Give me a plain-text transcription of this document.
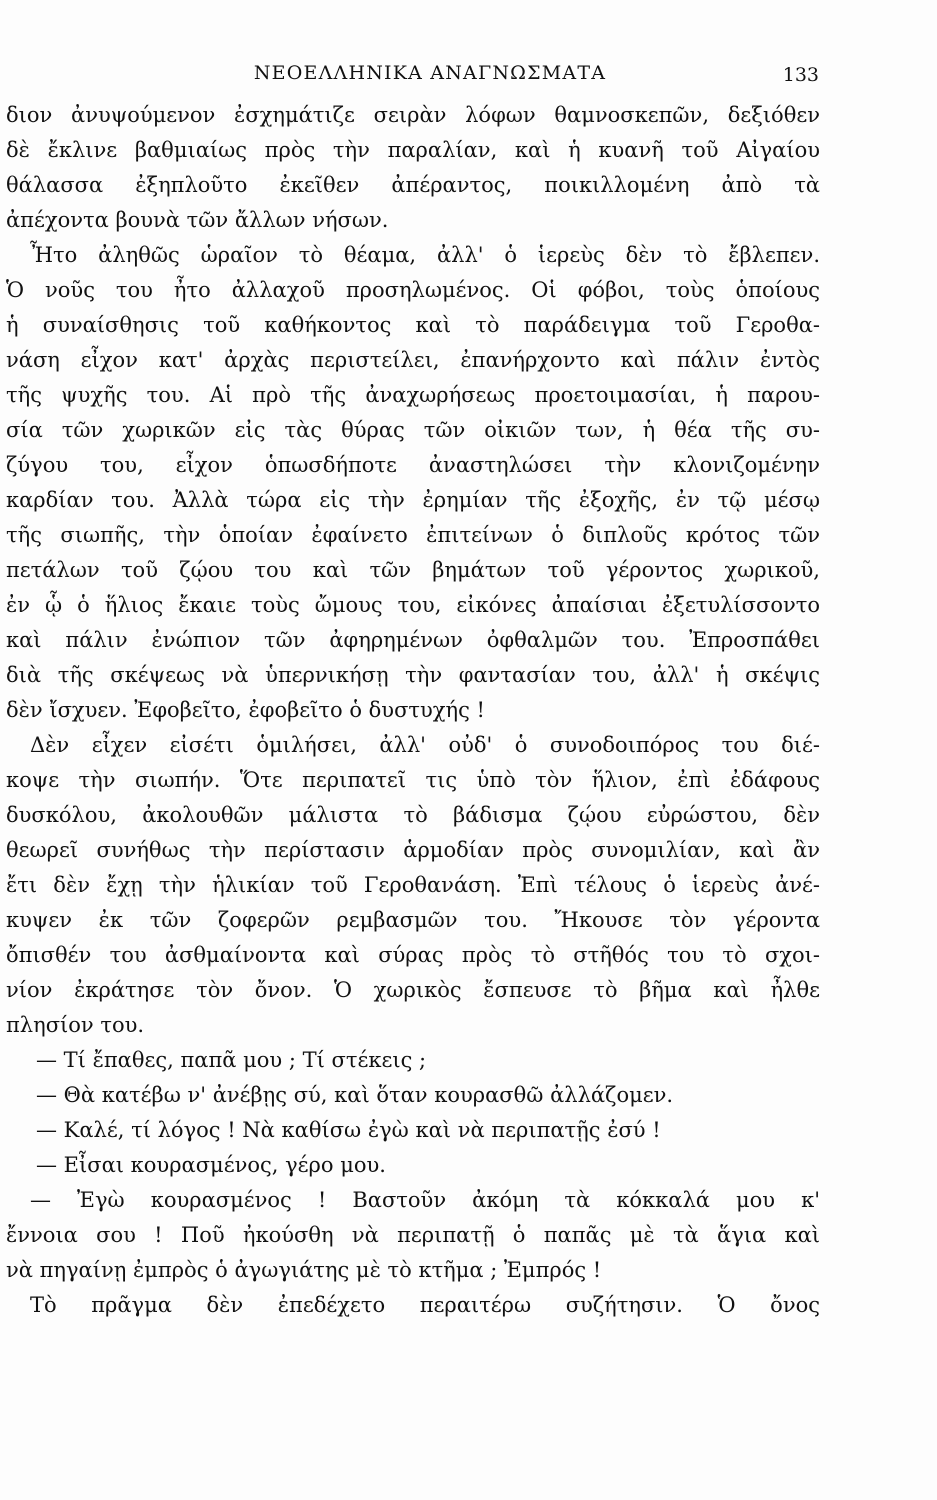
ΝΕΟΕΛΛΗΝΙΚΑ ΑΝΑΓΝΩΣΜΑΤΑ	133
διον ἀνυψούμενον ἐσχημάτιζε σειρὰν λόφων θαμνοσκεπῶν, δεξιόθεν
δὲ ἔκλινε βαθμιαίως πρὸς τὴν παραλίαν, καὶ ἡ κυανῆ τοῦ Αἰγαίου
θάλασσα ἐξηπλοῦτο ἐκεῖθεν ἀπέραντος, ποικιλλομένη ἀπὸ τὰ
ἀπέχοντα βουνὰ τῶν ἄλλων νήσων.
Ἦτο ἀληθῶς ὡραῖον τὸ θέαμα, ἀλλ' ὁ ἱερεὺς δὲν τὸ ἔβλεπεν.
Ὁ νοῦς του ἦτο ἀλλαχοῦ προσηλωμένος. Οἱ φόβοι, τοὺς ὁποίους
ἡ συναίσθησις τοῦ καθήκοντος καὶ τὸ παράδειγμα τοῦ Γεροθα-
νάση εἶχον κατ' ἀρχὰς περιστείλει, ἐπανήρχοντο καὶ πάλιν ἐντὸς
τῆς ψυχῆς του. Αἱ πρὸ τῆς ἀναχωρήσεως προετοιμασίαι, ἡ παρου-
σία τῶν χωρικῶν εἰς τὰς θύρας τῶν οἰκιῶν των, ἡ θέα τῆς συ-
ζύγου του, εἶχον ὁπωσδήποτε ἀναστηλώσει τὴν κλονιζομένην
καρδίαν του. Ἀλλὰ τώρα εἰς τὴν ἐρημίαν τῆς ἐξοχῆς, ἐν τῷ μέσῳ
τῆς σιωπῆς, τὴν ὁποίαν ἐφαίνετο ἐπιτείνων ὁ διπλοῦς κρότος τῶν
πετάλων τοῦ ζῴου του καὶ τῶν βημάτων τοῦ γέροντος χωρικοῦ,
ἐν ᾧ ὁ ἥλιος ἔκαιε τοὺς ὤμους του, εἰκόνες ἀπαίσιαι ἐξετυλίσσοντο
καὶ πάλιν ἐνώπιον τῶν ἀφηρημένων ὀφθαλμῶν του. Ἐπροσπάθει
διὰ τῆς σκέψεως νὰ ὑπερνικήσῃ τὴν φαντασίαν του, ἀλλ' ἡ σκέψις
δὲν ἴσχυεν. Ἐφοβεῖτο, ἐφοβεῖτο ὁ δυστυχής !
Δὲν εἶχεν εἰσέτι ὁμιλήσει, ἀλλ' οὐδ' ὁ συνοδοιπόρος του διέ-
κοψε τὴν σιωπήν. Ὅτε περιπατεῖ τις ὑπὸ τὸν ἥλιον, ἐπὶ ἐδάφους
δυσκόλου, ἀκολουθῶν μάλιστα τὸ βάδισμα ζῴου εὐρώστου, δὲν
θεωρεῖ συνήθως τὴν περίστασιν ἁρμοδίαν πρὸς συνομιλίαν, καὶ ἂν
ἔτι δὲν ἔχῃ τὴν ἡλικίαν τοῦ Γεροθανάση. Ἐπὶ τέλους ὁ ἱερεὺς ἀνέ-
κυψεν ἐκ τῶν ζοφερῶν ρεμβασμῶν του. Ἤκουσε τὸν γέροντα
ὄπισθέν του ἀσθμαίνοντα καὶ σύρας πρὸς τὸ στῆθός του τὸ σχοι-
νίον ἐκράτησε τὸν ὄνον. Ὁ χωρικὸς ἔσπευσε τὸ βῆμα καὶ ἦλθε
πλησίον του.
— Τί ἔπαθες, παπᾶ μου ; Τί στέκεις ;
— Θὰ κατέβω ν' ἀνέβῃς σύ, καὶ ὅταν κουρασθῶ ἀλλάζομεν.
— Καλέ, τί λόγος ! Νὰ καθίσω ἐγὼ καὶ νὰ περιπατῇς ἐσύ !
— Εἶσαι κουρασμένος, γέρο μου.
— Ἐγὼ κουρασμένος ! Βαστοῦν ἀκόμη τὰ κόκκαλά μου κ'
ἔννοια σου ! Ποῦ ἠκούσθη νὰ περιπατῇ ὁ παπᾶς μὲ τὰ ἅγια καὶ
νὰ πηγαίνῃ ἐμπρὸς ὁ ἀγωγιάτης μὲ τὸ κτῆμα ; Ἐμπρός !
Τὸ πρᾶγμα δὲν ἐπεδέχετο περαιτέρω συζήτησιν. Ὁ ὄνος
